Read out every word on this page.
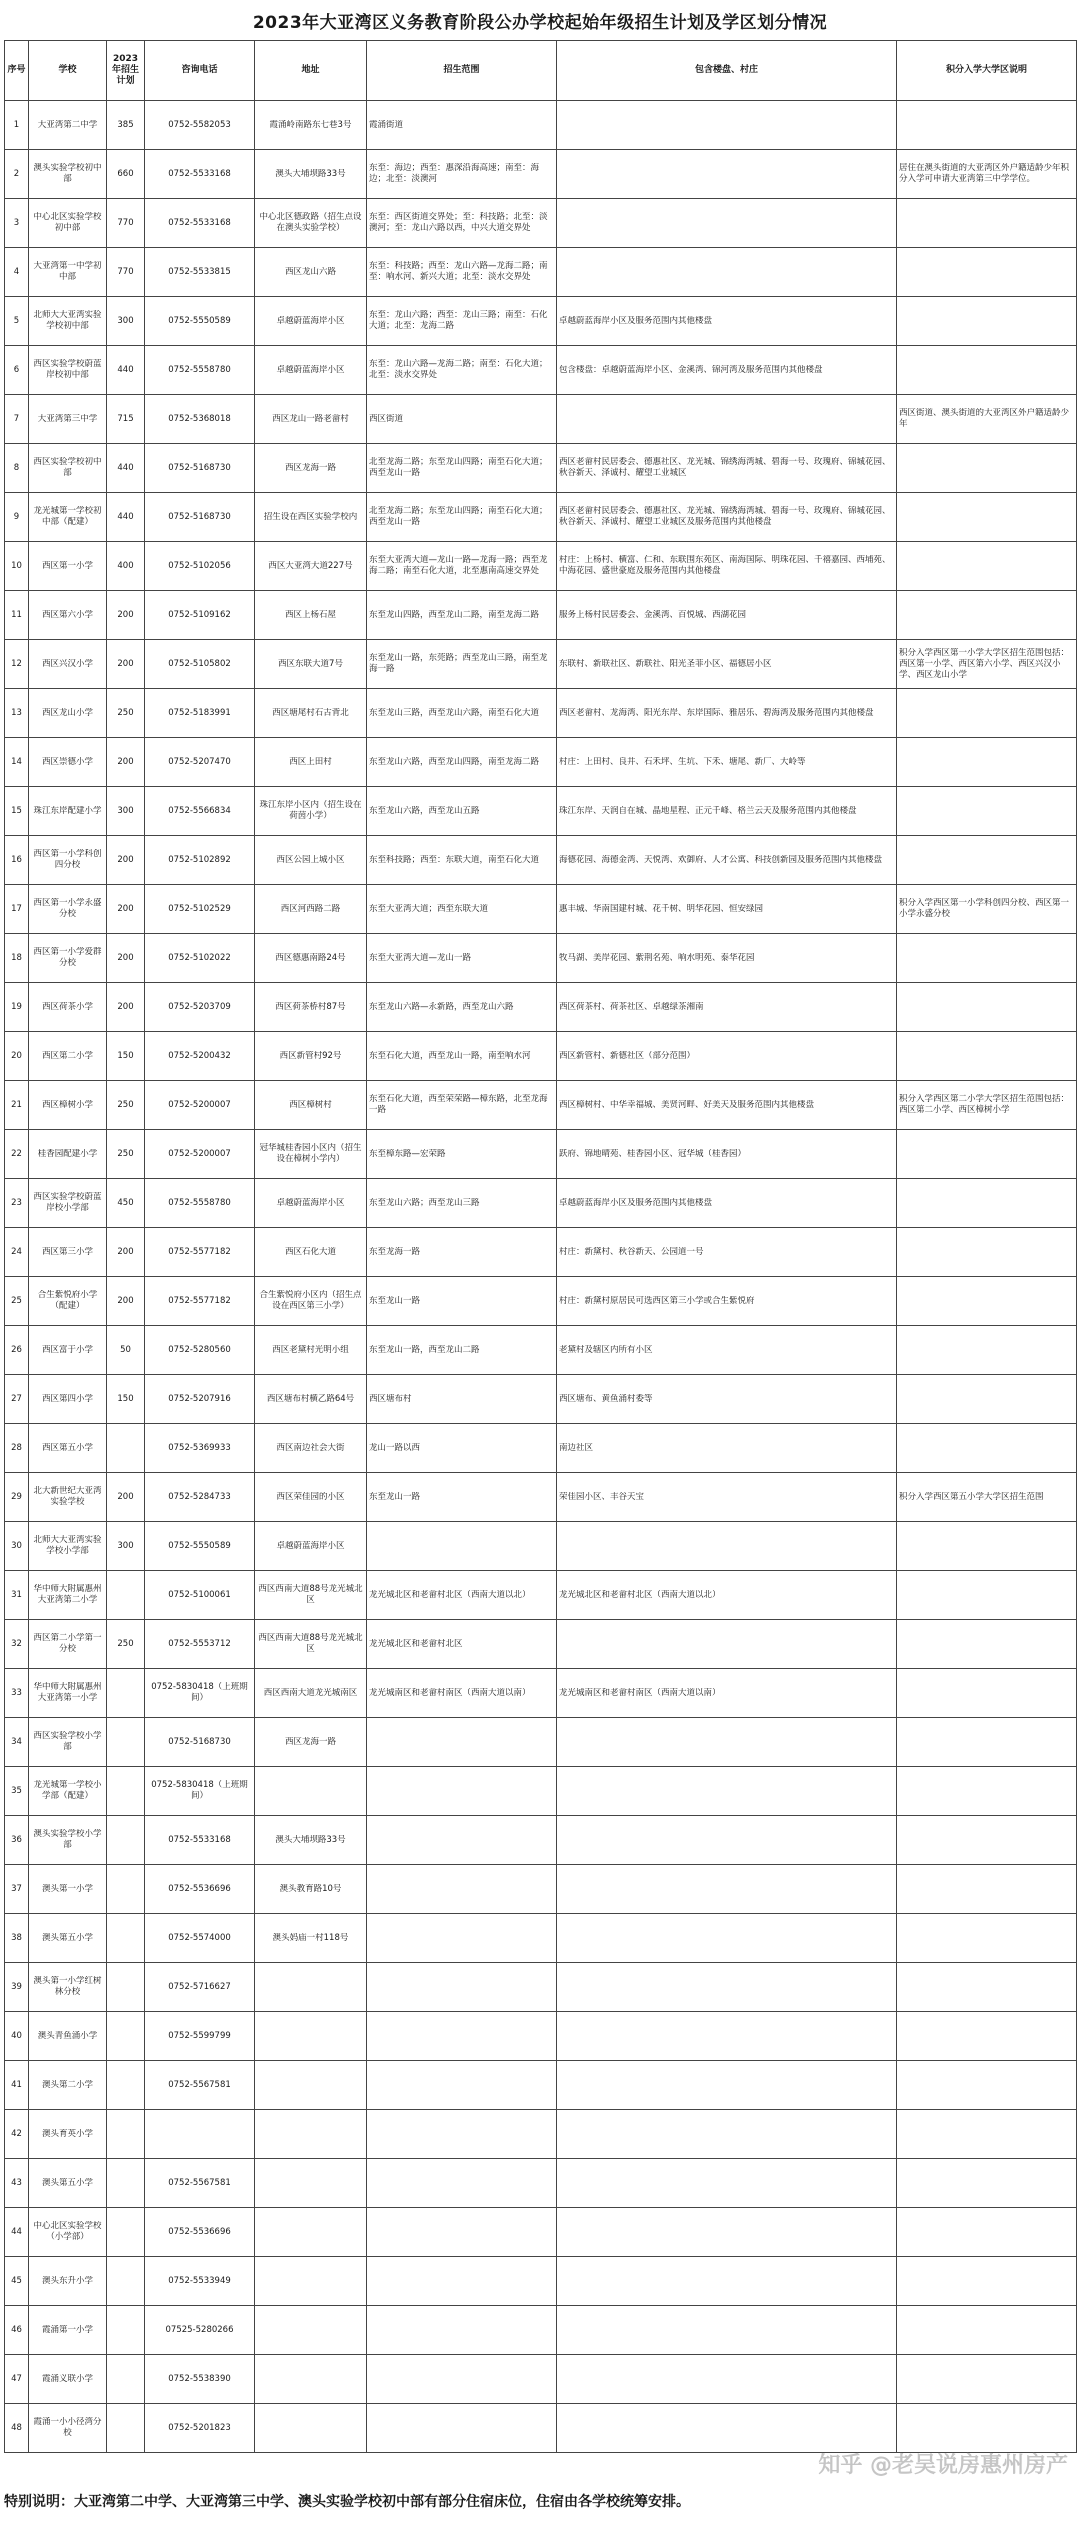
2023年大亚湾区义务教育阶段公办学校起始年级招生计划及学区划分情况
序号	学校	2023年招生计划	咨询电话	地址	招生范围	包含楼盘、村庄	积分入学大学区说明

1	大亚湾第二中学	385	0752-5582053	霞涌岭南路东七巷3号	霞涌街道		

2	澳头实验学校初中部	660	0752-5533168	澳头大埔坝路33号	东至：海边；西至：惠深沿海高速；南至：海边；北至：淡澳河		居住在澳头街道的大亚湾区外户籍适龄少年积分入学可申请大亚湾第三中学学位。

3	中心北区实验学校初中部	770	0752-5533168	中心北区德政路（招生点设在澳头实验学校）	东至：西区街道交界处；至：科技路；北至：淡澳河；至：龙山六路以西，中兴大道交界处		

4	大亚湾第一中学初中部	770	0752-5533815	西区龙山六路	东至：科技路；西至：龙山六路—龙海二路；南至：响水河、新兴大道；北至：淡水交界处		

5	北师大大亚湾实验学校初中部	300	0752-5550589	卓越蔚蓝海岸小区	东至：龙山六路；西至：龙山三路；南至：石化大道；北至：龙海二路	卓越蔚蓝海岸小区及服务范围内其他楼盘	

6	西区实验学校蔚蓝岸校初中部	440	0752-5558780	卓越蔚蓝海岸小区	东至：龙山六路—龙海二路；南至：石化大道；北至：淡水交界处	包含楼盘：卓越蔚蓝海岸小区、金溪湾、锦河湾及服务范围内其他楼盘	

7	大亚湾第三中学	715	0752-5368018	西区龙山一路老畲村	西区街道		西区街道、澳头街道的大亚湾区外户籍适龄少年

8	西区实验学校初中部	440	0752-5168730	西区龙海一路	北至龙海二路；东至龙山四路；南至石化大道；西至龙山一路	西区老畲村民居委会、德惠社区、龙光城、锦绣海湾城、碧海一号、玫瑰府、锦城花园、秋谷新天、泽诚村、耀望工业城区	

9	龙光城第一学校初中部（配建）	440	0752-5168730	招生设在西区实验学校内	北至龙海二路；东至龙山四路；南至石化大道；西至龙山一路	西区老畲村民居委会、德惠社区、龙光城、锦绣海湾城、碧海一号、玫瑰府、锦城花园、秋谷新天、泽诚村、耀望工业城区及服务范围内其他楼盘	

10	西区第一小学	400	0752-5102056	西区大亚湾大道227号	东至大亚湾大道—龙山一路—龙海一路；西至龙海二路；南至石化大道，北至惠南高速交界处	村庄：上杨村、横富、仁和、东联围东苑区、南海国际、明珠花园、千禧嘉园、西埔苑、中海花园、盛世豪庭及服务范围内其他楼盘	

11	西区第六小学	200	0752-5109162	西区上杨石屋	东至龙山四路，西至龙山二路，南至龙海二路	服务上杨村民居委会、金溪湾、百悦城、西湖花园	

12	西区兴汉小学	200	0752-5105802	西区东联大道7号	东至龙山一路，东莞路；西至龙山三路，南至龙海一路	东联村、新联社区、新联社、阳光圣菲小区、福德居小区	积分入学西区第一小学大学区招生范围包括：西区第一小学、西区第六小学、西区兴汉小学、西区龙山小学

13	西区龙山小学	250	0752-5183991	西区塘尾村石古背北	东至龙山三路，西至龙山六路，南至石化大道	西区老畲村、龙海湾、阳光东岸、东岸国际、雅居乐、碧海湾及服务范围内其他楼盘	

14	西区崇德小学	200	0752-5207470	西区上田村	东至龙山六路，西至龙山四路，南至龙海二路	村庄：上田村、良井、石禾坪、生坑、下禾、塘尾、新厂、大岭等	

15	珠江东岸配建小学	300	0752-5566834	珠江东岸小区内（招生设在荷茵小学）	东至龙山六路，西至龙山五路	珠江东岸、天润自在城、晶地星程、正元千峰、格兰云天及服务范围内其他楼盘	

16	西区第一小学科创四分校	200	0752-5102892	西区公园上城小区	东至科技路；西至：东联大道，南至石化大道	海德花园、海德金湾、天悦湾、欢御府、人才公寓、科技创新园及服务范围内其他楼盘	

17	西区第一小学永盛分校	200	0752-5102529	西区河西路二路	东至大亚湾大道；西至东联大道	惠丰城、华南国建村城、花千树、明华花园、恒安绿园	积分入学西区第一小学科创四分校、西区第一小学永盛分校

18	西区第一小学爱群分校	200	0752-5102022	西区德惠南路24号	东至大亚湾大道—龙山一路	牧马湖、美岸花园、紫荆名苑、响水明苑、泰华花园	

19	西区荷茶小学	200	0752-5203709	西区荷茶桥村87号	东至龙山六路—永新路，西至龙山六路	西区荷茶村、荷茶社区、卓越绿茶湘南	

20	西区第二小学	150	0752-5200432	西区新管村92号	东至石化大道，西至龙山一路，南至响水河	西区新管村、新德社区（部分范围）	

21	西区樟树小学	250	0752-5200007	西区樟树村	东至石化大道，西至荣荣路—樟东路，北至龙海一路	西区樟树村、中华幸福城、美贤河畔、好美天及服务范围内其他楼盘	积分入学西区第二小学大学区招生范围包括：西区第二小学、西区樟树小学

22	桂香园配建小学	250	0752-5200007	冠华城桂香园小区内（招生设在樟树小学内）	东至樟东路—宏荣路	跃府、锦地晴苑、桂香园小区、冠华城（桂香园）	

23	西区实验学校蔚蓝岸校小学部	450	0752-5558780	卓越蔚蓝海岸小区	东至龙山六路；西至龙山三路	卓越蔚蓝海岸小区及服务范围内其他楼盘	

24	西区第三小学	200	0752-5577182	西区石化大道	东至龙海一路	村庄：新黛村、秋谷新天、公园道一号	

25	合生紫悦府小学（配建）	200	0752-5577182	合生紫悦府小区内（招生点设在西区第三小学）	东至龙山一路	村庄：新黛村原居民可选西区第三小学或合生紫悦府	

26	西区富于小学	50	0752-5280560	西区老黛村光明小组	东至龙山一路，西至龙山二路	老黛村及辖区内所有小区	

27	西区第四小学	150	0752-5207916	西区塘布村横乙路64号	西区塘布村	西区塘布、黄鱼涌村委等	

28	西区第五小学		0752-5369933	西区南边社会大街	龙山一路以西	南边社区	

29	北大新世纪大亚湾实验学校	200	0752-5284733	西区荣佳园的小区	东至龙山一路	荣佳园小区、丰谷天宝	积分入学西区第五小学大学区招生范围

30	北师大大亚湾实验学校小学部	300	0752-5550589	卓越蔚蓝海岸小区			

31	华中师大附属惠州大亚湾第二小学		0752-5100061	西区西南大道88号龙光城北区	龙光城北区和老畲村北区（西南大道以北）	龙光城北区和老畲村北区（西南大道以北）	

32	西区第二小学第一分校	250	0752-5553712	西区西南大道88号龙光城北区	龙光城北区和老畲村北区		

33	华中师大附属惠州大亚湾第一小学		0752-5830418（上班期间）	西区西南大道龙光城南区	龙光城南区和老畲村南区（西南大道以南）	龙光城南区和老畲村南区（西南大道以南）	

34	西区实验学校小学部		0752-5168730	西区龙海一路			

35	龙光城第一学校小学部（配建）		0752-5830418（上班期间）				

36	澳头实验学校小学部		0752-5533168	澳头大埔坝路33号			

37	澳头第一小学		0752-5536696	澳头教育路10号			

38	澳头第五小学		0752-5574000	澳头妈庙一村118号			

39	澳头第一小学红树林分校		0752-5716627				

40	澳头青鱼涌小学		0752-5599799				

41	澳头第二小学		0752-5567581				

42	澳头育英小学						

43	澳头第五小学		0752-5567581				

44	中心北区实验学校（小学部）		0752-5536696				

45	澳头东升小学		0752-5533949				

46	霞涌第一小学		07525-5280266				

47	霞涌义联小学		0752-5538390				

48	霞涌一小小径湾分校		0752-5201823				

知乎 @老吴说房惠州房产
特别说明：大亚湾第二中学、大亚湾第三中学、澳头实验学校初中部有部分住宿床位，住宿由各学校统筹安排。
